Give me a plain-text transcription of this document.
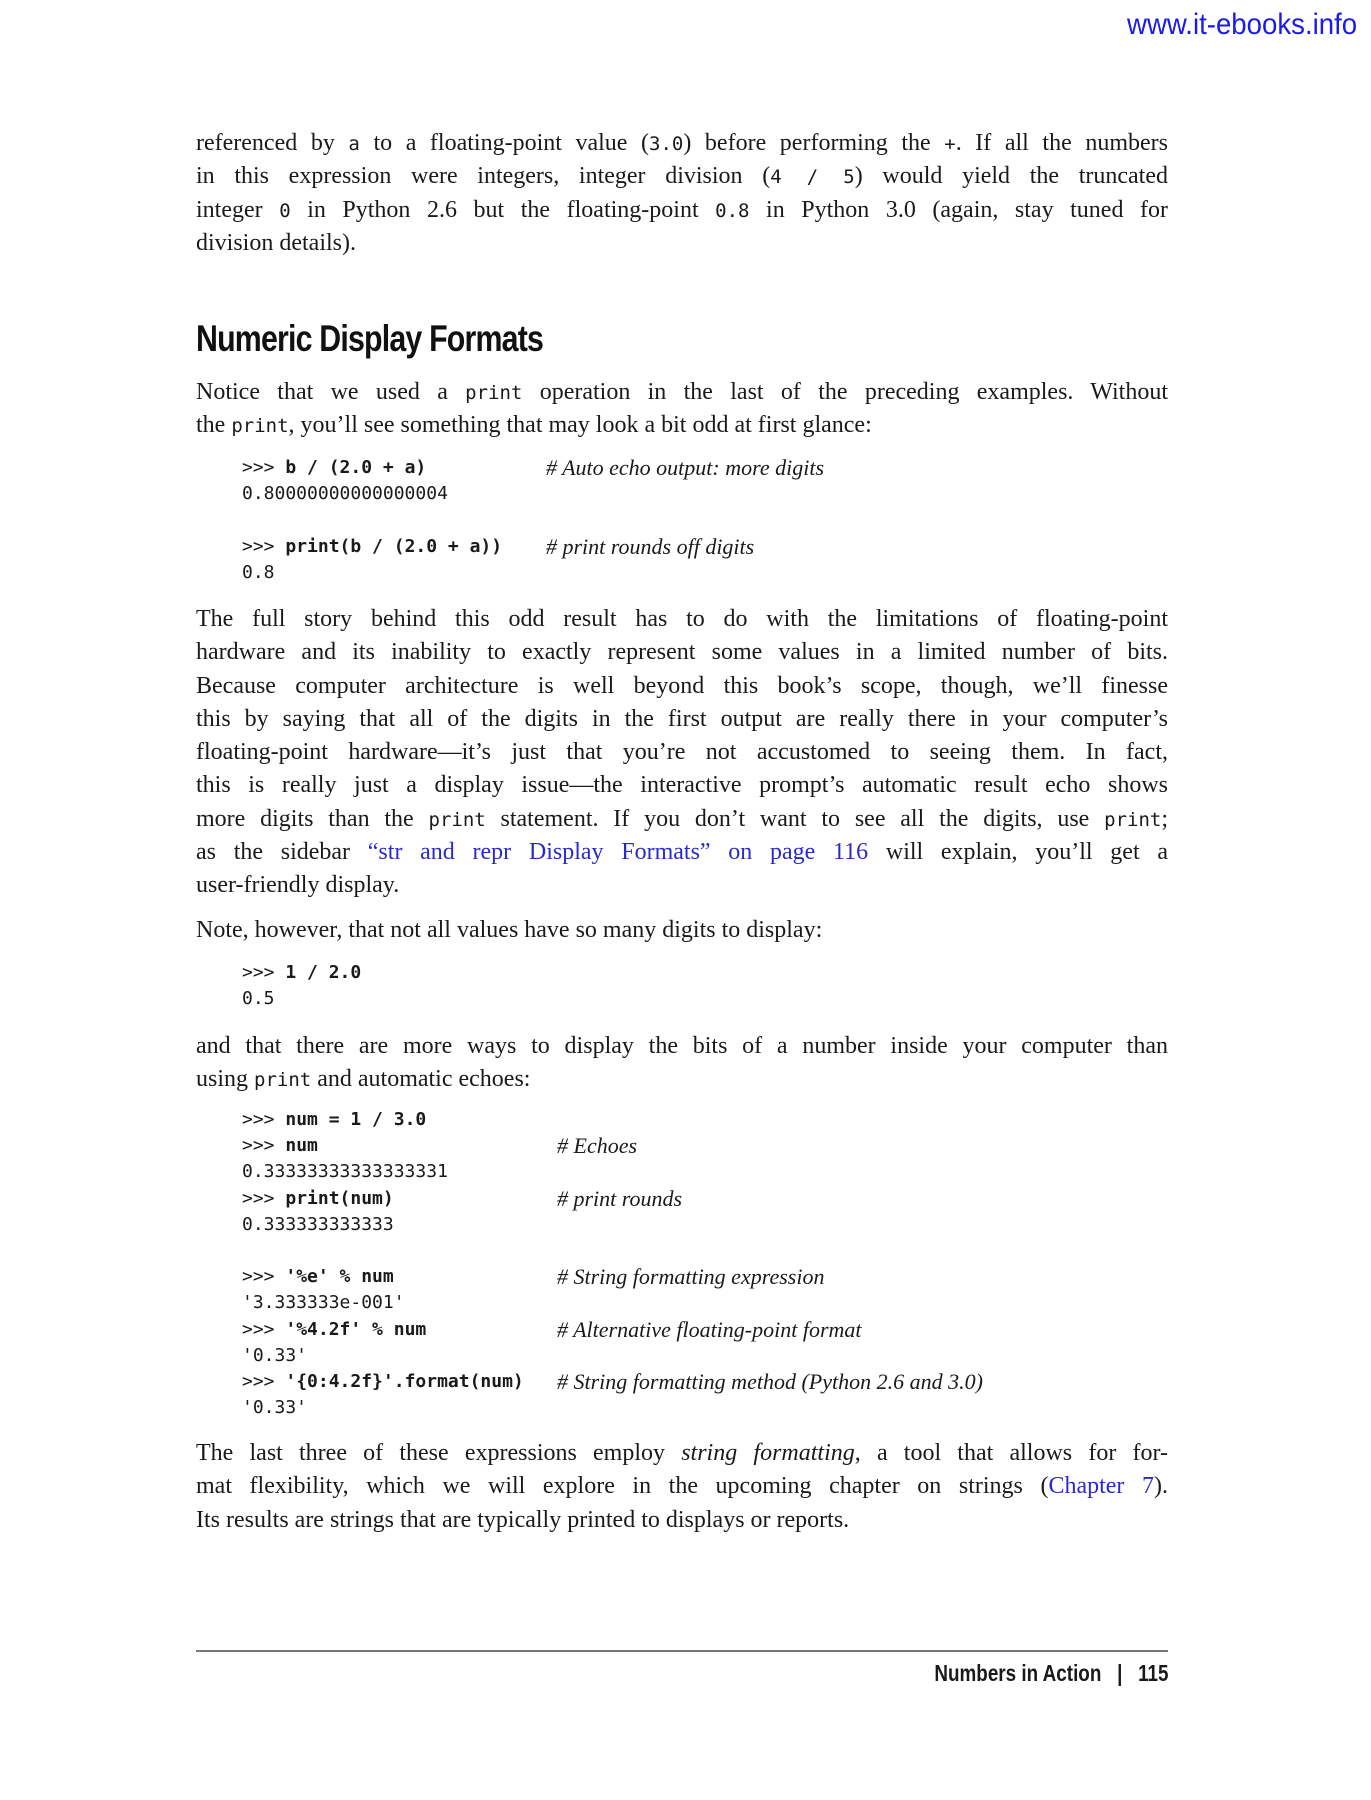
www.it-ebooks.info
referenced by a to a floating-point value (3.0) before performing the +. If all the numbers
in this expression were integers, integer division (4 / 5) would yield the truncated
integer 0 in Python 2.6 but the floating-point 0.8 in Python 3.0 (again, stay tuned for
division details).
Numeric Display Formats
Notice that we used a print operation in the last of the preceding examples. Without
the print, you’ll see something that may look a bit odd at first glance:
>>> b / (2.0 + a)	# Auto echo output: more digits
0.80000000000000004
>>> print(b / (2.0 + a)) # print rounds off digits
0.8
The full story behind this odd result has to do with the limitations of floating-point
hardware and its inability to exactly represent some values in a limited number of bits.
Because computer architecture is well beyond this book’s scope, though, we’ll finesse
this by saying that all of the digits in the first output are really there in your computer’s
floating-point hardware—it’s just that you’re not accustomed to seeing them. In fact,
this is really just a display issue—the interactive prompt’s automatic result echo shows
more digits than the print statement. If you don’t want to see all the digits, use print;
as the sidebar “str and repr Display Formats” on page 116 will explain, you’ll get a
user-friendly display.
Note, however, that not all values have so many digits to display:
>>> 1 / 2.0
0.5
and that there are more ways to display the bits of a number inside your computer than
using print and automatic echoes:
>>> num = 1 / 3.0
>>> num	# Echoes
0.33333333333333331
>>> print(num)	# print rounds
0.333333333333
>>> '%e' % num	# String formatting expression
'3.333333e-001'
>>> '%4.2f' % num	# Alternative floating-point format
'0.33'
>>> '{0:4.2f}'.format(num) # String formatting method (Python 2.6 and 3.0)
'0.33'
The last three of these expressions employ string formatting, a tool that allows for for-
mat flexibility, which we will explore in the upcoming chapter on strings (Chapter 7).
Its results are strings that are typically printed to displays or reports.
Numbers in Action | 115
